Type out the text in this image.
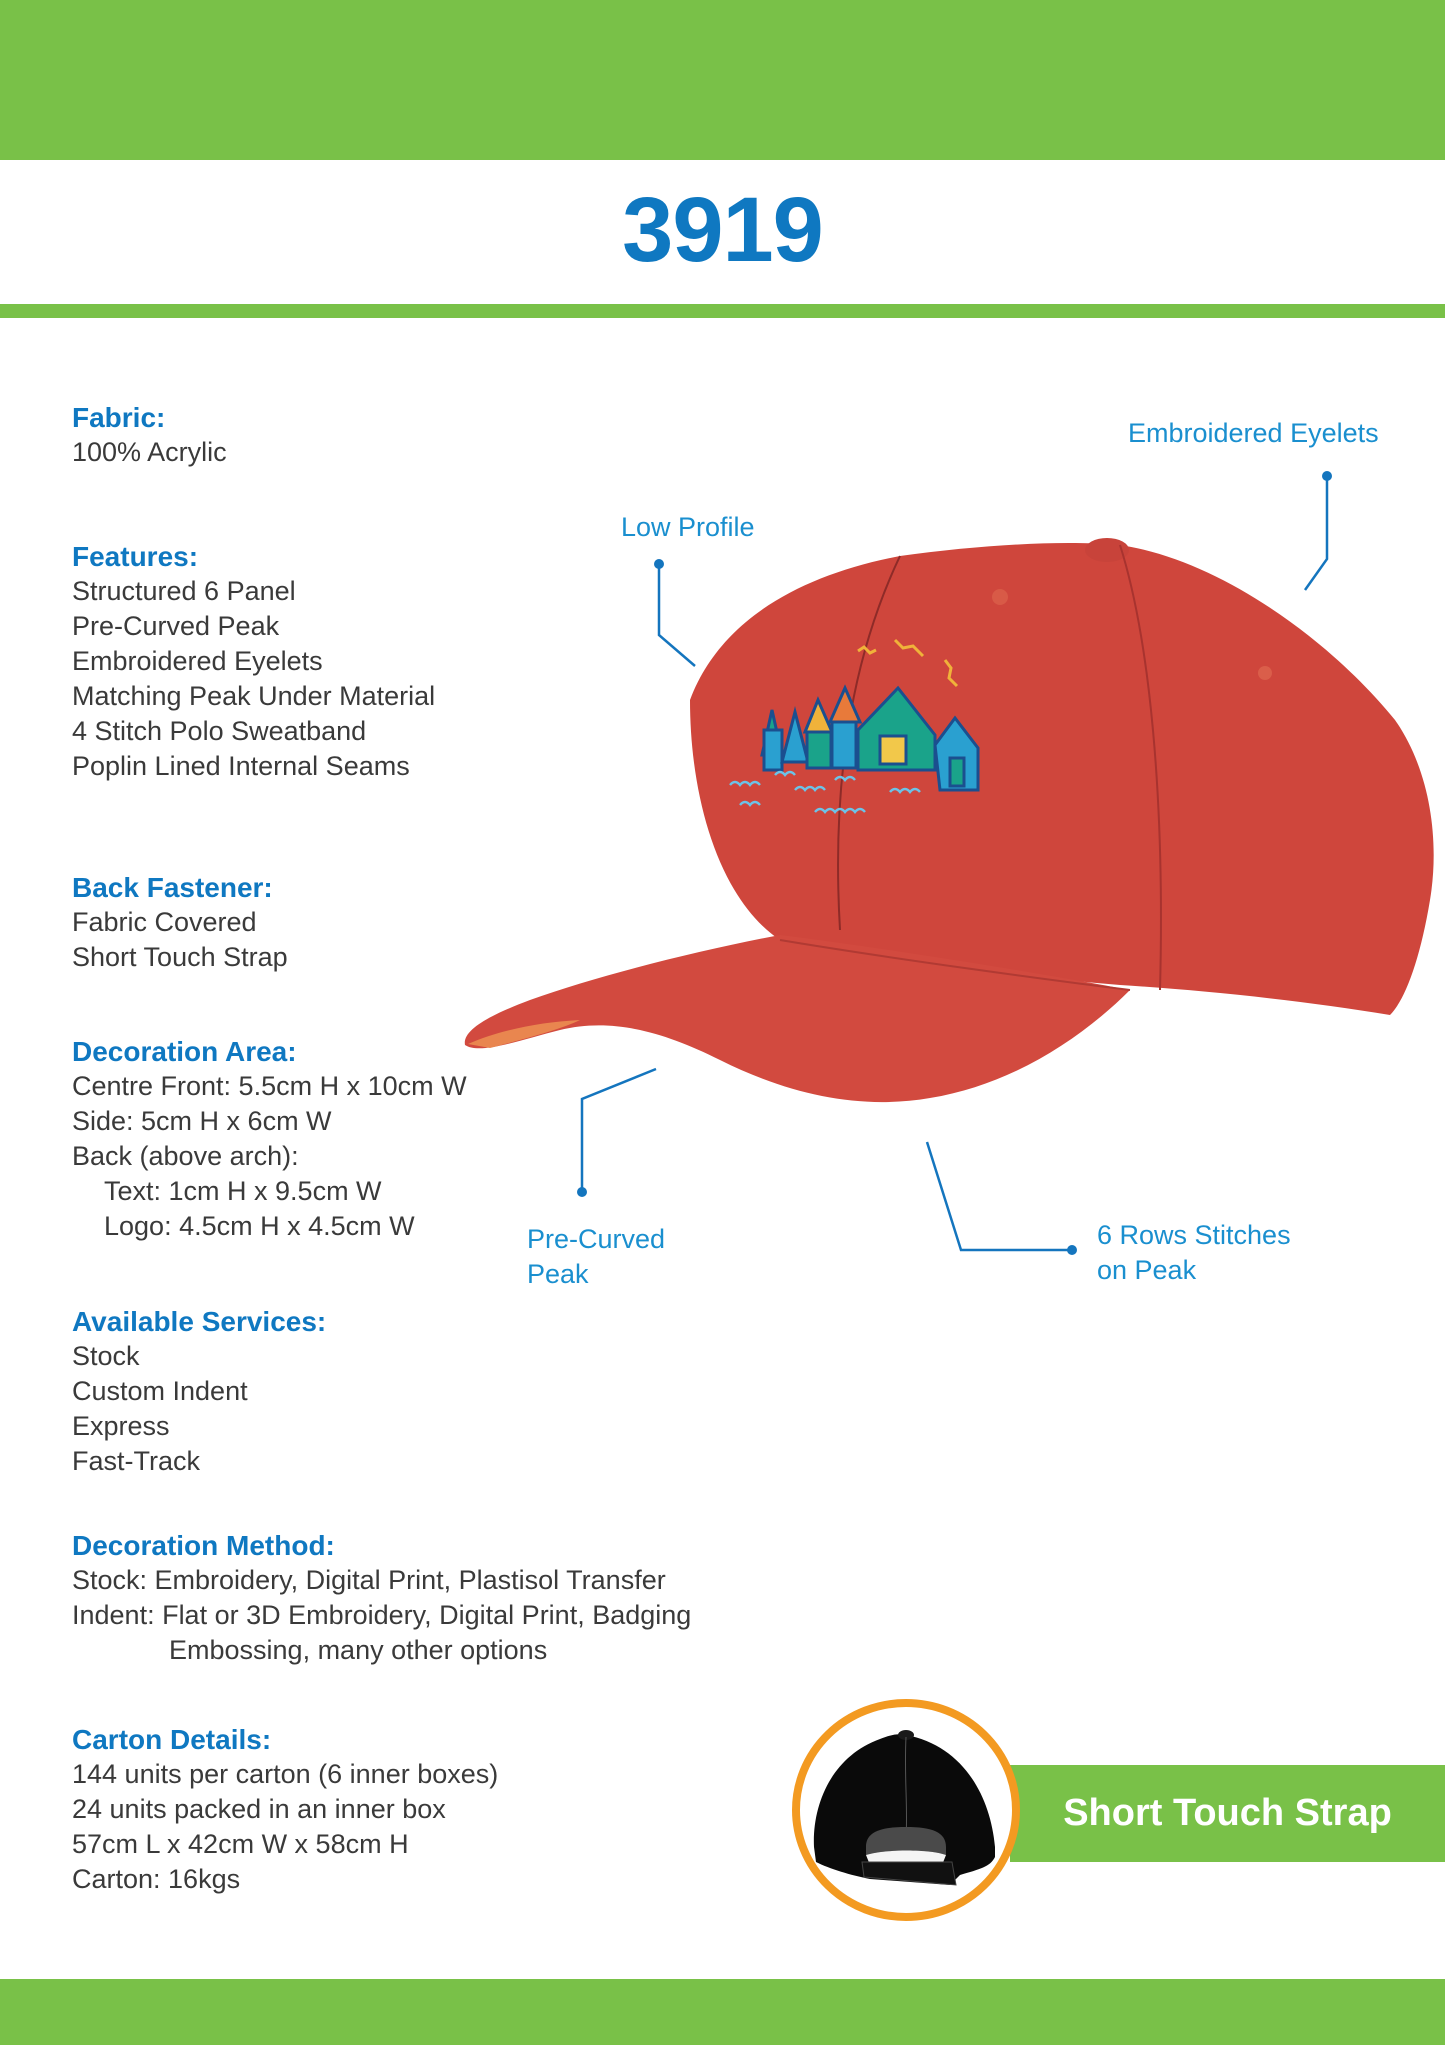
3919
Low Profile
Embroidered Eyelets
Pre-Curved
Peak
6 Rows Stitches
on Peak
Fabric:
100% Acrylic
Features:
Structured 6 Panel
Pre-Curved Peak
Embroidered Eyelets
Matching Peak Under Material
4 Stitch Polo Sweatband
Poplin Lined Internal Seams
Back Fastener:
Fabric Covered
Short Touch Strap
Decoration Area:
Centre Front: 5.5cm H x 10cm W
Side: 5cm H x 6cm W
Back (above arch):
Text: 1cm H x 9.5cm W
Logo: 4.5cm H x 4.5cm W
Available Services:
Stock
Custom Indent
Express
Fast-Track
Decoration Method:
Stock: Embroidery, Digital Print, Plastisol Transfer
Indent: Flat or 3D Embroidery, Digital Print, Badging
Embossing, many other options
Carton Details:
144 units per carton (6 inner boxes)
24 units packed in an inner box
57cm L x 42cm W x 58cm H
Carton: 16kgs
Short Touch Strap
